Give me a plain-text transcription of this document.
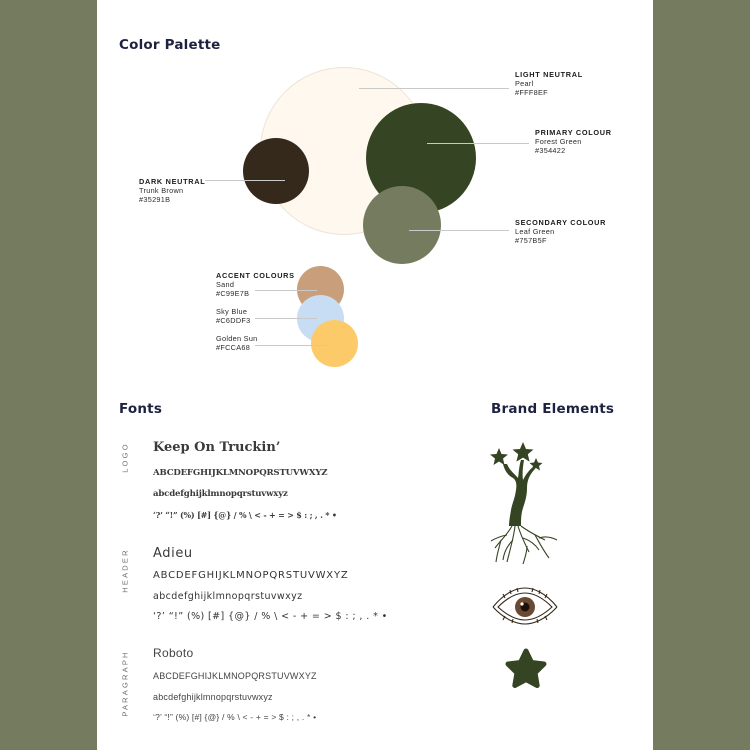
Color Palette
LIGHT NEUTRAL
Pearl
#FFF8EF
PRIMARY COLOUR
Forest Green
#354422
DARK NEUTRAL
Trunk Brown
#35291B
SECONDARY COLOUR
Leaf Green
#757B5F
ACCENT COLOURS
Sand
#C99E7B
Sky Blue
#C6DDF3
Golden Sun
#FCCA68
Fonts	Brand Elements
LOGO
HEADER
PARAGRAPH
Keep On Truckin’
ABCDEFGHIJKLMNOPQRSTUVWXYZ
abcdefghijklmnopqrstuvwxyz
‘?’ “!” (%) [#] {@} / % \ < - + = > $ : ; , . * •
Adieu
ABCDEFGHIJKLMNOPQRSTUVWXYZ
abcdefghijklmnopqrstuvwxyz
‘?’ “!” (%) [#] {@} / % \ < - + = > $ : ; , . * •
Roboto
ABCDEFGHIJKLMNOPQRSTUVWXYZ
abcdefghijklmnopqrstuvwxyz
‘?’ “!” (%) [#] {@} / % \ < - + = > $ : ; , . * •
